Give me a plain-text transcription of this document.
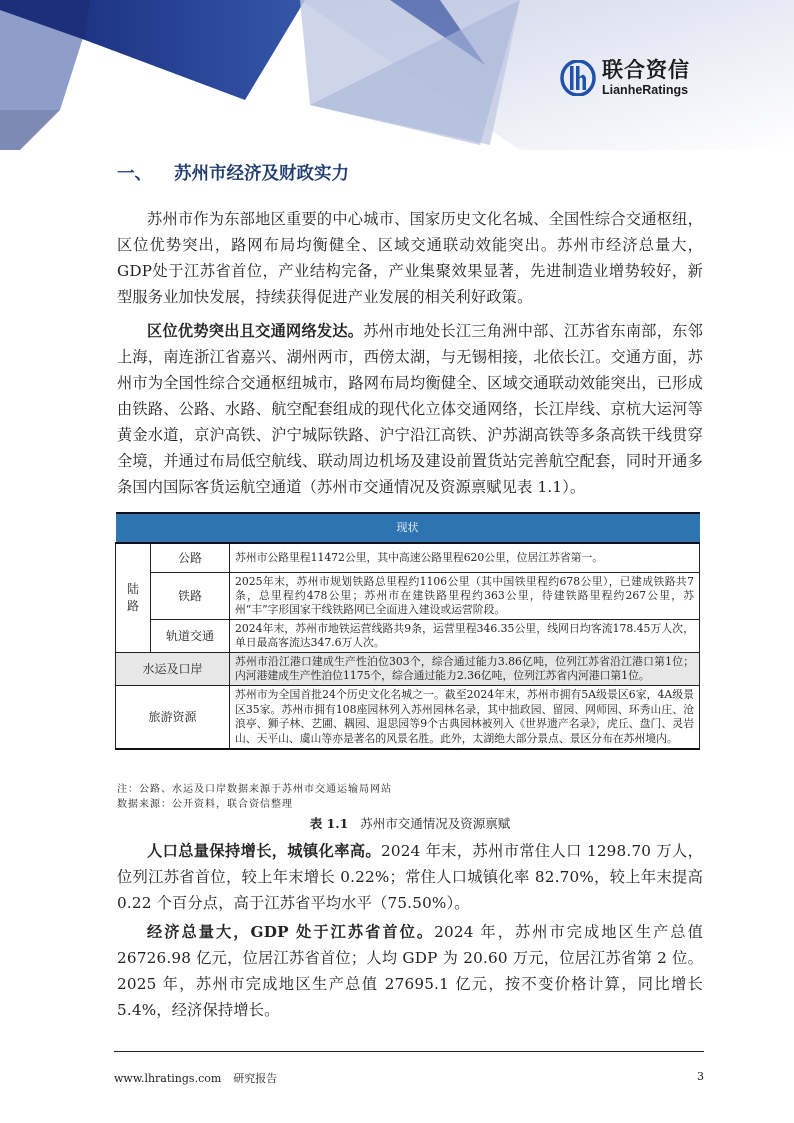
联合资信
LianheRatings
一、 苏州市经济及财政实力
苏州市作为东部地区重要的中心城市、国家历史文化名城、全国性综合交通枢纽，区位优势突出，路网布局均衡健全、区域交通联动效能突出。苏州市经济总量大，GDP处于江苏省首位，产业结构完备，产业集聚效果显著，先进制造业增势较好，新型服务业加快发展，持续获得促进产业发展的相关利好政策。
区位优势突出且交通网络发达。苏州市地处长江三角洲中部、江苏省东南部，东邻上海，南连浙江省嘉兴、湖州两市，西傍太湖，与无锡相接，北依长江。交通方面，苏州市为全国性综合交通枢纽城市，路网布局均衡健全、区域交通联动效能突出，已形成由铁路、公路、水路、航空配套组成的现代化立体交通网络，长江岸线、京杭大运河等黄金水道，京沪高铁、沪宁城际铁路、沪宁沿江高铁、沪苏湖高铁等多条高铁干线贯穿全境，并通过布局低空航线、联动周边机场及建设前置货站完善航空配套，同时开通多条国内国际客货运航空通道（苏州市交通情况及资源禀赋见表 1.1）。
现状		
陆路	公路	苏州市公路里程11472公里，其中高速公路里程620公里，位居江苏省第一。
	铁路	2025年末，苏州市规划铁路总里程约1106公里（其中国铁里程约678公里），已建成铁路共7条，总里程约478公里；苏州市在建铁路里程约363公里，待建铁路里程约267公里，苏州“丰”字形国家干线铁路网已全面进入建设或运营阶段。
	轨道交通	2024年末，苏州市地铁运营线路共9条，运营里程346.35公里，线网日均客流178.45万人次，单日最高客流达347.6万人次。
水运及口岸		苏州市沿江港口建成生产性泊位303个，综合通过能力3.86亿吨，位列江苏省沿江港口第1位；内河港建成生产性泊位1175个，综合通过能力2.36亿吨，位列江苏省内河港口第1位。
旅游资源		苏州市为全国首批24个历史文化名城之一。截至2024年末，苏州市拥有5A级景区6家，4A级景区35家。苏州市拥有108座园林列入苏州园林名录，其中拙政园、留园、网师园、环秀山庄、沧浪亭、狮子林、艺圃、耦园、退思园等9个古典园林被列入《世界遗产名录》，虎丘、盘门、灵岩山、天平山、虞山等亦是著名的风景名胜。此外，太湖绝大部分景点、景区分布在苏州境内。
注：公路、水运及口岸数据来源于苏州市交通运输局网站
数据来源：公开资料，联合资信整理
表 1.1 苏州市交通情况及资源禀赋
人口总量保持增长，城镇化率高。2024 年末，苏州市常住人口 1298.70 万人，位列江苏省首位，较上年末增长 0.22%；常住人口城镇化率 82.70%，较上年末提高 0.22 个百分点，高于江苏省平均水平（75.50%）。
经济总量大，GDP 处于江苏省首位。2024 年，苏州市完成地区生产总值 26726.98 亿元，位居江苏省首位；人均 GDP 为 20.60 万元，位居江苏省第 2 位。2025 年，苏州市完成地区生产总值 27695.1 亿元，按不变价格计算，同比增长 5.4%，经济保持增长。
www.lhratings.com 研究报告	3
